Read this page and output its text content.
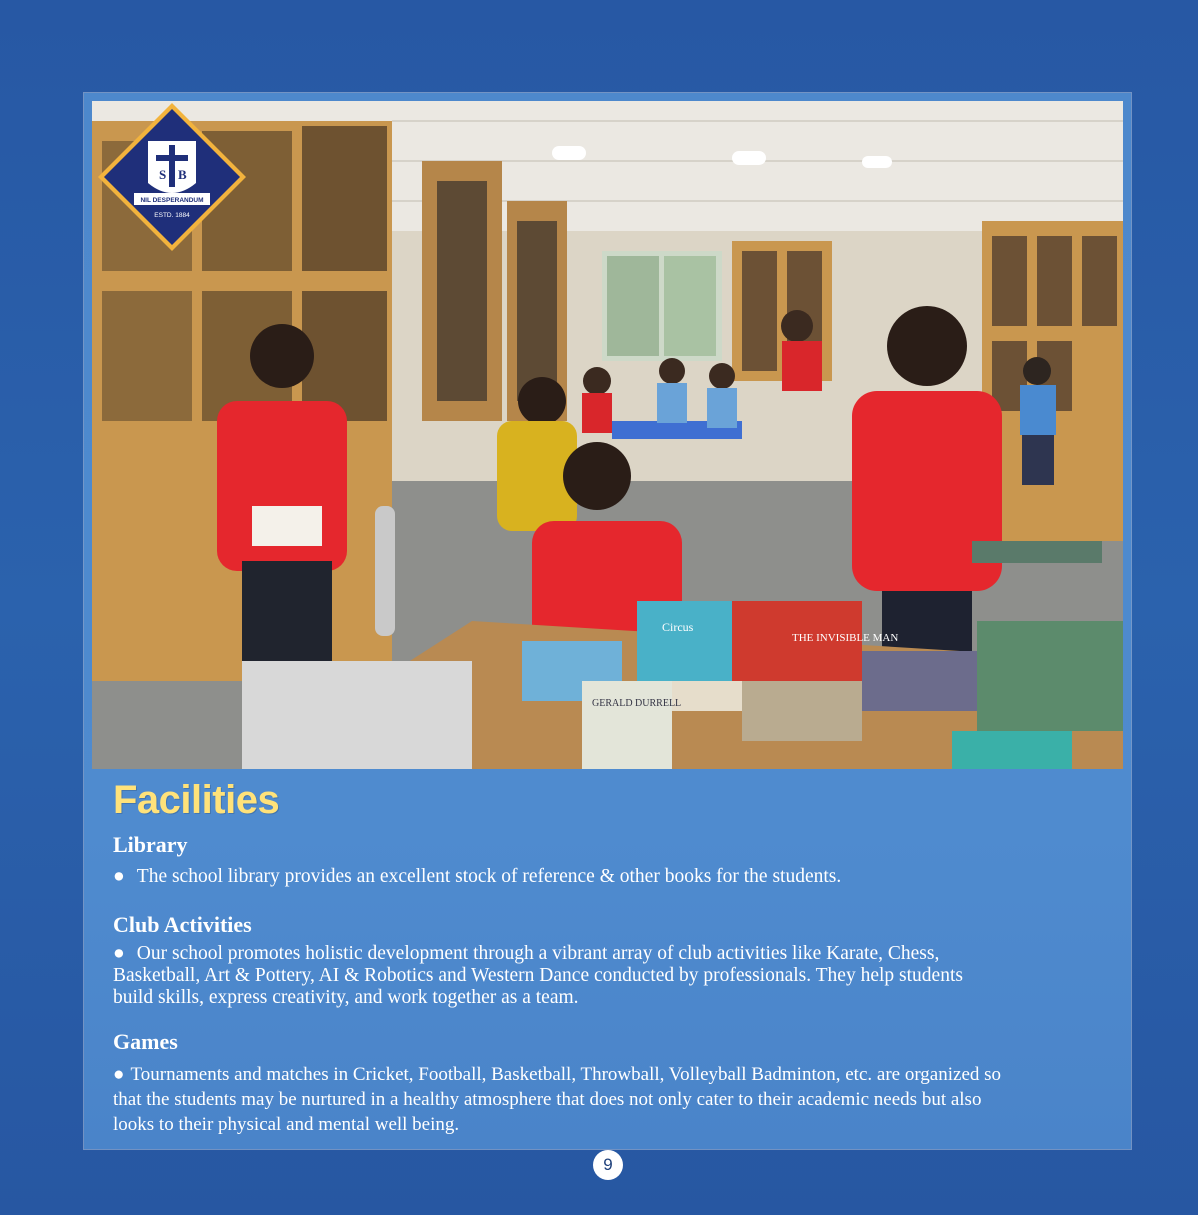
THE INVISIBLE MAN
GERALD DURRELL
Circus
S B
NIL DESPERANDUM
ESTD. 1884
Facilities
Library
● The school library provides an excellent stock of reference & other books for the students.
Club Activities
● Our school promotes holistic development through a vibrant array of club activities like Karate, Chess,
Basketball, Art & Pottery, AI & Robotics and Western Dance conducted by professionals. They help students
build skills, express creativity, and work together as a team.
Games
● Tournaments and matches in Cricket, Football, Basketball, Throwball, Volleyball Badminton, etc. are organized so
that the students may be nurtured in a healthy atmosphere that does not only cater to their academic needs but also
looks to their physical and mental well being.
9
